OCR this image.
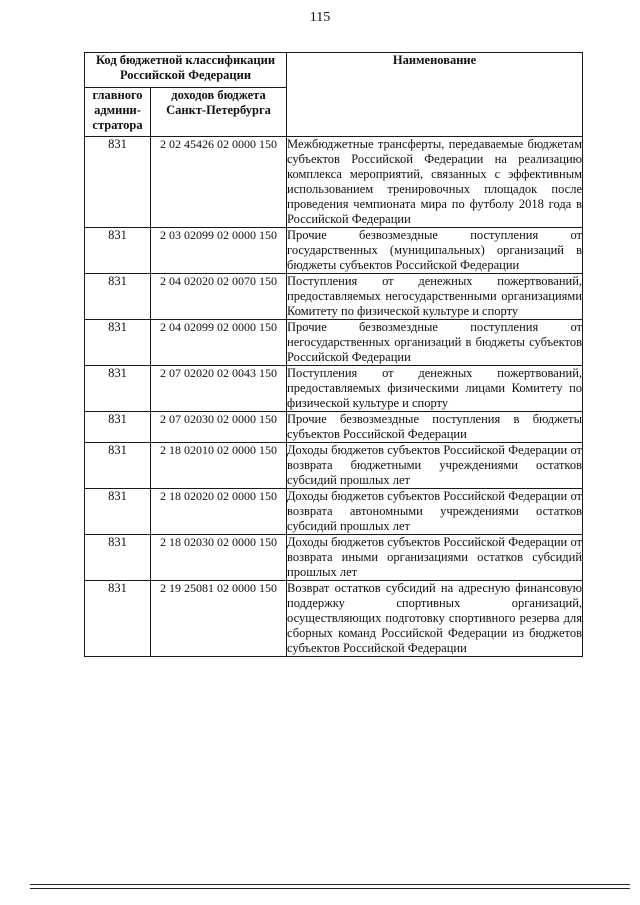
115
Код бюджетной классификации Российской Федерации		Наименование
главного админи-стратора	доходов бюджета Санкт-Петербурга	
831	2 02 45426 02 0000 150	Межбюджетные трансферты, передаваемые бюджетам субъектов Российской Федерации на реализацию комплекса мероприятий, связанных с эффективным использованием тренировочных площадок после проведения чемпионата мира по футболу 2018 года в Российской Федерации
831	2 03 02099 02 0000 150	Прочие безвозмездные поступления от государственных (муниципальных) организаций в бюджеты субъектов Российской Федерации
831	2 04 02020 02 0070 150	Поступления от денежных пожертвований, предоставляемых негосударственными организациями Комитету по физической культуре и спорту
831	2 04 02099 02 0000 150	Прочие безвозмездные поступления от негосударственных организаций в бюджеты субъектов Российской Федерации
831	2 07 02020 02 0043 150	Поступления от денежных пожертвований, предоставляемых физическими лицами Комитету по физической культуре и спорту
831	2 07 02030 02 0000 150	Прочие безвозмездные поступления в бюджеты субъектов Российской Федерации
831	2 18 02010 02 0000 150	Доходы бюджетов субъектов Российской Федерации от возврата бюджетными учреждениями остатков субсидий прошлых лет
831	2 18 02020 02 0000 150	Доходы бюджетов субъектов Российской Федерации от возврата автономными учреждениями остатков субсидий прошлых лет
831	2 18 02030 02 0000 150	Доходы бюджетов субъектов Российской Федерации от возврата иными организациями остатков субсидий прошлых лет
831	2 19 25081 02 0000 150	Возврат остатков субсидий на адресную финансовую поддержку спортивных организаций, осуществляющих подготовку спортивного резерва для сборных команд Российской Федерации из бюджетов субъектов Российской Федерации
